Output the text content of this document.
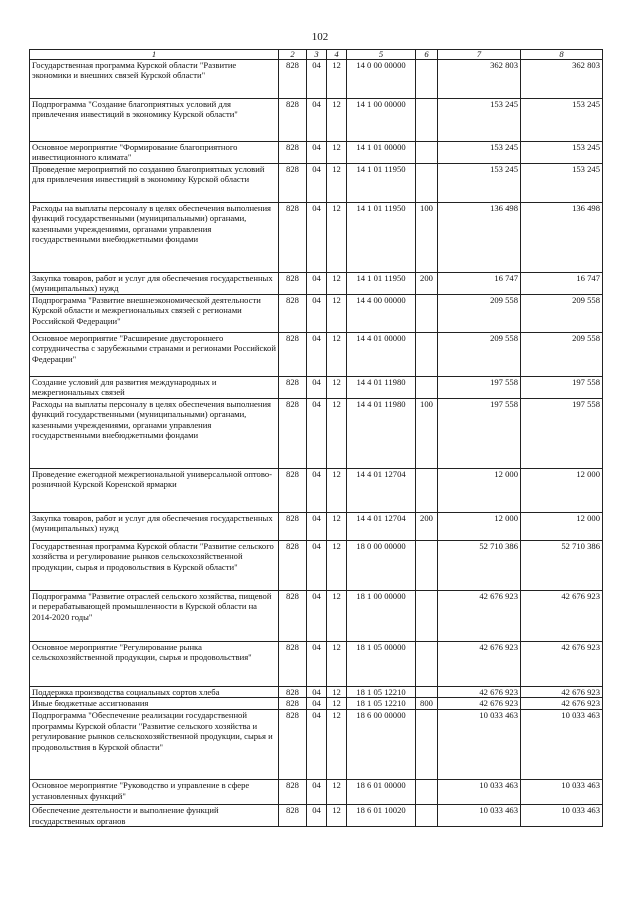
102
1	2	3	4	5	6	7	8
Государственная программа Курской области "Развитие экономики и внешних связей Курской области"	828	04	12	14 0 00 00000		362 803	362 803
Подпрограмма "Создание благоприятных условий для привлечения инвестиций в экономику Курской области"	828	04	12	14 1 00 00000		153 245	153 245
Основное мероприятие "Формирование благоприятного инвестиционного климата"	828	04	12	14 1 01 00000		153 245	153 245
Проведение мероприятий по созданию благоприятных условий для привлечения инвестиций в экономику Курской области	828	04	12	14 1 01 11950		153 245	153 245
Расходы на выплаты персоналу в целях обеспечения выполнения функций государственными (муниципальными) органами, казенными учреждениями, органами управления государственными внебюджетными фондами	828	04	12	14 1 01 11950	100	136 498	136 498
Закупка товаров, работ и услуг для обеспечения государственных (муниципальных) нужд	828	04	12	14 1 01 11950	200	16 747	16 747
Подпрограмма "Развитие внешнеэкономической деятельности Курской области и межрегиональных связей с регионами Российской Федерации"	828	04	12	14 4 00 00000		209 558	209 558
Основное мероприятие "Расширение двустороннего сотрудничества с зарубежными странами и регионами Российской Федерации"	828	04	12	14 4 01 00000		209 558	209 558
Создание условий для развития международных и межрегиональных связей	828	04	12	14 4 01 11980		197 558	197 558
Расходы на выплаты персоналу в целях обеспечения выполнения функций государственными (муниципальными) органами, казенными учреждениями, органами управления государственными внебюджетными фондами	828	04	12	14 4 01 11980	100	197 558	197 558
Проведение ежегодной межрегиональной универсальной оптово-розничной Курской Коренской ярмарки	828	04	12	14 4 01 12704		12 000	12 000
Закупка товаров, работ и услуг для обеспечения государственных (муниципальных) нужд	828	04	12	14 4 01 12704	200	12 000	12 000
Государственная программа Курской области "Развитие сельского хозяйства и регулирование рынков сельскохозяйственной продукции, сырья и продовольствия в Курской области"	828	04	12	18 0 00 00000		52 710 386	52 710 386
Подпрограмма "Развитие отраслей сельского хозяйства, пищевой и перерабатывающей промышленности в Курской области на 2014-2020 годы"	828	04	12	18 1 00 00000		42 676 923	42 676 923
Основное мероприятие "Регулирование рынка сельскохозяйственной продукции, сырья и продовольствия"	828	04	12	18 1 05 00000		42 676 923	42 676 923
Поддержка производства социальных сортов хлеба	828	04	12	18 1 05 12210		42 676 923	42 676 923
Иные бюджетные ассигнования	828	04	12	18 1 05 12210	800	42 676 923	42 676 923
Подпрограмма "Обеспечение реализации государственной программы Курской области "Развитие сельского хозяйства и регулирование рынков сельскохозяйственной продукции, сырья и продовольствия в Курской области"	828	04	12	18 6 00 00000		10 033 463	10 033 463
Основное мероприятие "Руководство и управление в сфере установленных функций"	828	04	12	18 6 01 00000		10 033 463	10 033 463
Обеспечение деятельности и выполнение функций государственных органов	828	04	12	18 6 01 10020		10 033 463	10 033 463
